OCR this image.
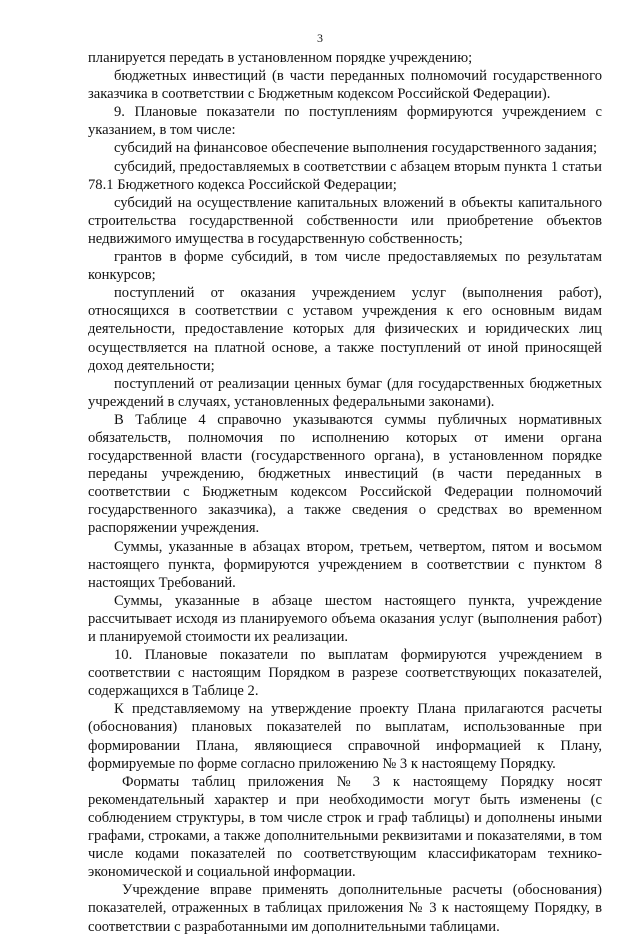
3

планируется передать в установленном порядке учреждению;

бюджетных инвестиций (в части переданных полномочий государственного заказчика в соответствии с Бюджетным кодексом Российской Федерации).

9. Плановые показатели по поступлениям формируются учреждением с указанием, в том числе:

субсидий на финансовое обеспечение выполнения государственного задания;

субсидий, предоставляемых в соответствии с абзацем вторым пункта 1 статьи 78.1 Бюджетного кодекса Российской Федерации;

субсидий на осуществление капитальных вложений в объекты капитального строительства государственной собственности или приобретение объектов недвижимого имущества в государственную собственность;

грантов в форме субсидий, в том числе предоставляемых по результатам конкурсов;

поступлений от оказания учреждением услуг (выполнения работ), относящихся в соответствии с уставом учреждения к его основным видам деятельности, предоставление которых для физических и юридических лиц осуществляется на платной основе, а также поступлений от иной приносящей доход деятельности;

поступлений от реализации ценных бумаг (для государственных бюджетных учреждений в случаях, установленных федеральными законами).

В Таблице 4 справочно указываются суммы публичных нормативных обязательств, полномочия по исполнению которых от имени органа государственной власти (государственного органа), в установленном порядке переданы учреждению, бюджетных инвестиций (в части переданных в соответствии с Бюджетным кодексом Российской Федерации полномочий государственного заказчика), а также сведения о средствах во временном распоряжении учреждения.

Суммы, указанные в абзацах втором, третьем, четвертом, пятом и восьмом настоящего пункта, формируются учреждением в соответствии с пунктом 8 настоящих Требований.

Суммы, указанные в абзаце шестом настоящего пункта, учреждение рассчитывает исходя из планируемого объема оказания услуг (выполнения работ) и планируемой стоимости их реализации.

10. Плановые показатели по выплатам формируются учреждением в соответствии с настоящим Порядком в разрезе соответствующих показателей, содержащихся в Таблице 2.

К представляемому на утверждение проекту Плана прилагаются расчеты (обоснования) плановых показателей по выплатам, использованные при формировании Плана, являющиеся справочной информацией к Плану, формируемые по форме согласно приложению № 3 к настоящему Порядку.

Форматы таблиц приложения № 3 к настоящему Порядку носят рекомендательный характер и при необходимости могут быть изменены (с соблюдением структуры, в том числе строк и граф таблицы) и дополнены иными графами, строками, а также дополнительными реквизитами и показателями, в том числе кодами показателей по соответствующим классификаторам технико-экономической и социальной информации.

Учреждение вправе применять дополнительные расчеты (обоснования) показателей, отраженных в таблицах приложения № 3 к настоящему Порядку, в соответствии с разработанными им дополнительными таблицами.
